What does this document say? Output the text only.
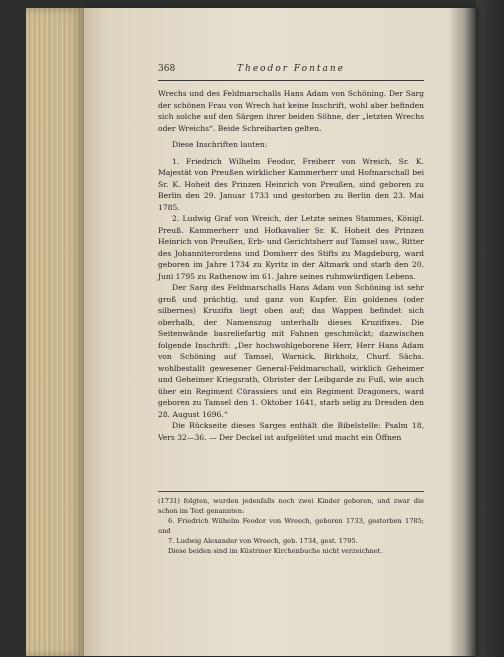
368	Theodor Fontane

Wrechs und des Feldmarschalls Hans Adam von Schöning. Der Sarg der schönen Frau von Wrech hat keine Inschrift, wohl aber befinden sich solche auf den Särgen ihrer beiden Söhne, der „letzten Wrechs oder Wreichs“. Beide Schreibarten gelten.

Diese Inschriften lauten:

1. Friedrich Wilhelm Feodor, Freiherr von Wreich, Sr. K. Majestät von Preußen wirklicher Kammerherr und Hofmarschall bei Sr. K. Hoheit des Prinzen Heinrich von Preußen, sind geboren zu Berlin den 29. Januar 1733 und gestorben zu Berlin den 23. Mai 1785.

2. Ludwig Graf von Wreich, der Letzte seines Stammes, Königl. Preuß. Kammerherr und Hofkavalier Sr. K. Hoheit des Prinzen Heinrich von Preußen, Erb- und Gerichtsherr auf Tamsel usw., Ritter des Johanniterordens und Domherr des Stifts zu Magdeburg, ward geboren im Jahre 1734 zu Kyritz in der Altmark und starb den 20. Juni 1795 zu Rathenow im 61. Jahre seines ruhmwürdigen Lebens.

Der Sarg des Feldmarschalls Hans Adam von Schöning ist sehr groß und prächtig, und ganz von Kupfer. Ein goldenes (oder silbernes) Kruzifix liegt oben auf; das Wappen befindet sich oberhalb, der Namenszug unterhalb dieses Kruzifixes. Die Seitenwände basreliefartig mit Fahnen geschmückt; dazwischen folgende Inschrift: „Der hochwohlgeborene Herr, Herr Hans Adam von Schöning auf Tamsel, Warnick, Birkholz, Churf. Sächs. wohlbestallt gewesener General-Feldmarschall, wirklich Geheimer und Geheimer Kriegsrath, Obrister der Leibgarde zu Fuß, wie auch über ein Regiment Cürassiers und ein Regiment Dragoners, ward geboren zu Tamsel den 1. Oktober 1641, starb selig zu Dresden den 28. August 1696.“

Die Rückseite dieses Sarges enthält die Bibelstelle: Psalm 18, Vers 32—36. — Der Deckel ist aufgelötet und macht ein Öffnen

(1731) folgten, wurden jedenfalls noch zwei Kinder geboren, und zwar die schon im Text genannten:

6. Friedrich Wilhelm Feodor von Wreech, geboren 1733, gestorben 1785; und

7. Ludwig Alexander von Wreech, geb. 1734, gest. 1795.

Diese beiden sind im Küstriner Kirchenbuche nicht verzeichnet.
